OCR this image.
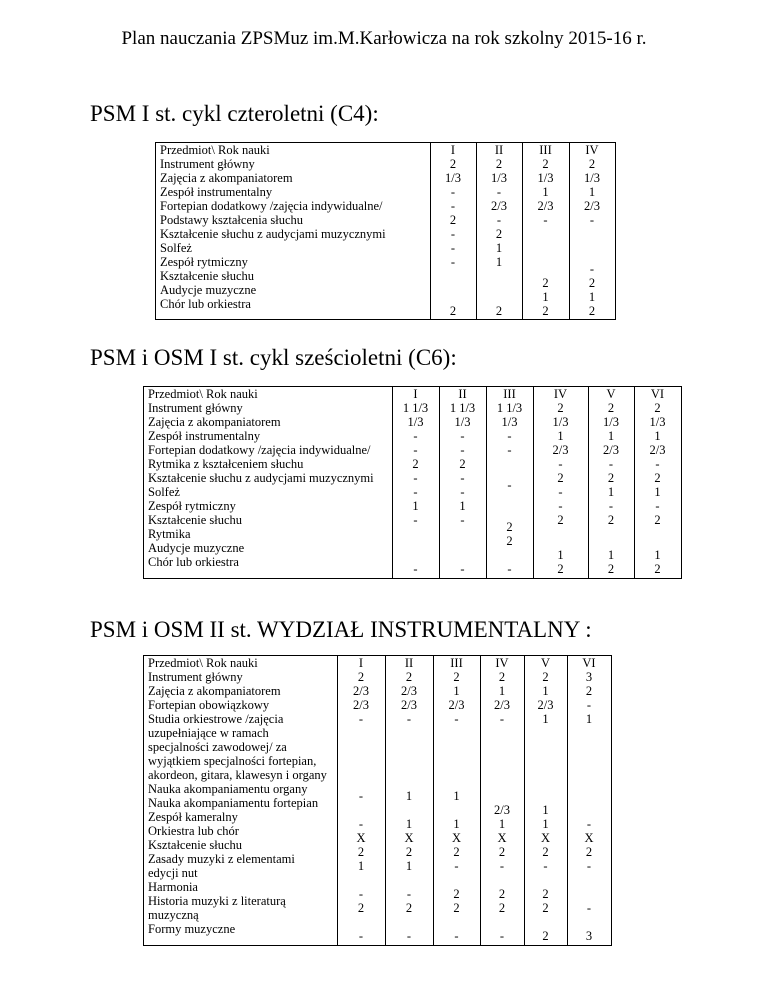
Plan nauczania ZPSMuz im.M.Karłowicza na rok szkolny 2015-16 r.
PSM I st. cykl czteroletni (C4):
Przedmiot\ Rok nauki
Instrument główny
Zajęcia z akompaniatorem
Zespół instrumentalny
Fortepian dodatkowy /zajęcia indywidualne/
Podstawy kształcenia słuchu
Kształcenie słuchu z audycjami muzycznymi
Solfeż
Zespół rytmiczny
Kształcenie słuchu
Audycje muzyczne
Chór lub orkiestra
I
2
1/3
-
-
2
-
-
-
2
II
2
1/3
-
2/3
-
2
1
1
2
III
2
1/3
1
2/3
-
2
1
2
IV
2
1/3
1
2/3
-
-
2
1
2
PSM i OSM I st. cykl sześcioletni (C6):
Przedmiot\ Rok nauki
Instrument główny
Zajęcia z akompaniatorem
Zespół instrumentalny
Fortepian dodatkowy /zajęcia indywidualne/
Rytmika z kształceniem słuchu
Kształcenie słuchu z audycjami muzycznymi
Solfeż
Zespół rytmiczny
Kształcenie słuchu
Rytmika
Audycje muzyczne
Chór lub orkiestra
I
1 1/3
1/3
-
-
2
-
-
1
-
-
II
1 1/3
1/3
-
-
2
-
-
1
-
-
III
1 1/3
1/3
-
-
-
2
2
-
IV
2
1/3
1
2/3
-
2
-
-
2
1
2
V
2
1/3
1
2/3
-
2
1
-
2
1
2
VI
2
1/3
1
2/3
-
2
1
-
2
1
2
PSM i OSM II st. WYDZIAŁ INSTRUMENTALNY :
Przedmiot\ Rok nauki
Instrument główny
Zajęcia z akompaniatorem
Fortepian obowiązkowy
Studia orkiestrowe /zajęcia
uzupełniające w ramach
specjalności zawodowej/ za
wyjątkiem specjalności fortepian,
akordeon, gitara, klawesyn i organy
Nauka akompaniamentu organy
Nauka akompaniamentu fortepian
Zespół kameralny
Orkiestra lub chór
Kształcenie słuchu
Zasady muzyki z elementami
edycji nut
Harmonia
Historia muzyki z literaturą
muzyczną
Formy muzyczne
I
2
2/3
2/3
-
-
-
X
2
1
-
2
-
II
2
2/3
2/3
-
1
1
X
2
1
-
2
-
III
2
1
2/3
-
1
1
X
2
-
2
2
-
IV
2
1
2/3
-
2/3
1
X
2
-
2
2
-
V
2
1
2/3
1
1
1
X
2
-
2
2
2
VI
3
2
-
1
-
X
2
-
-
3
